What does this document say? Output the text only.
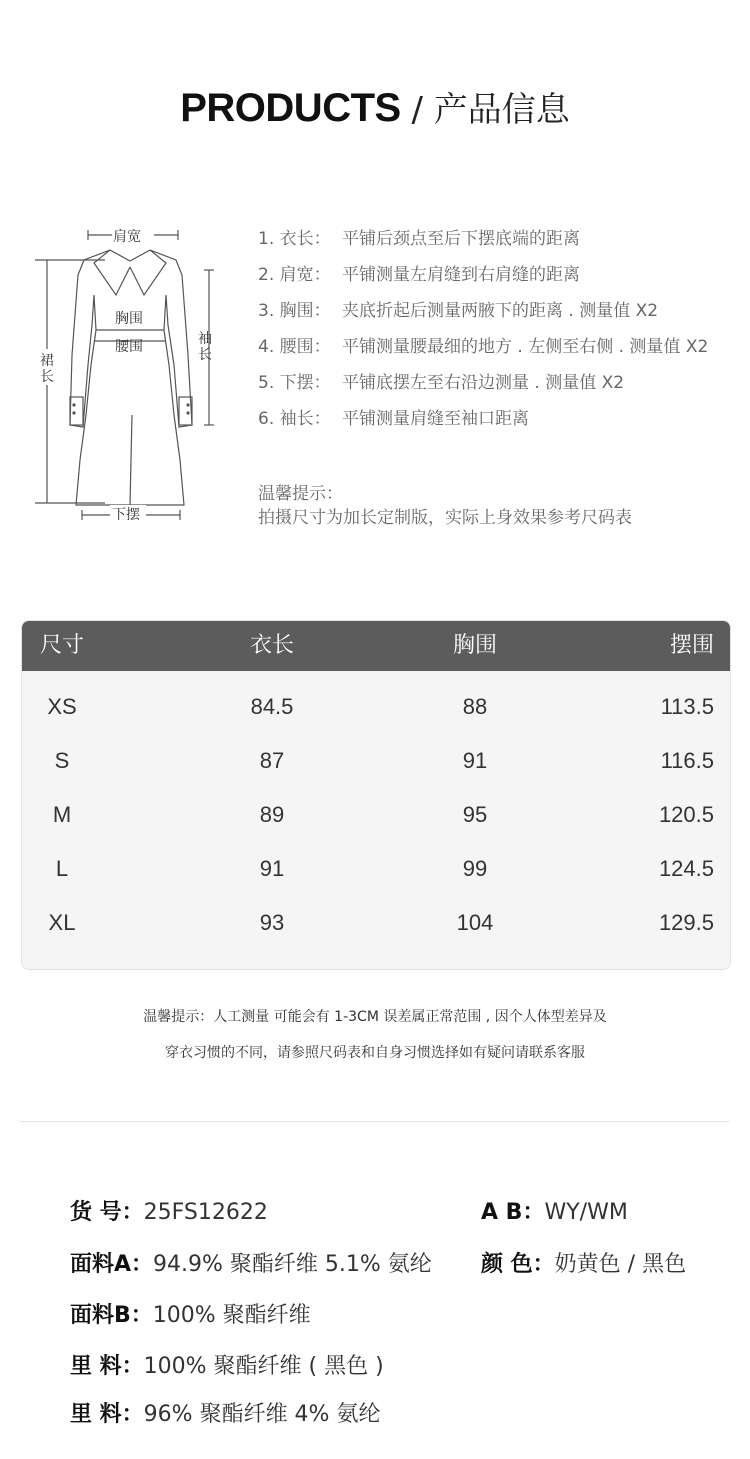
PRODUCTS / 产品信息
肩宽
胸围
腰围	袖
长
裙
长
下摆
1. 衣长： 平铺后颈点至后下摆底端的距离
2. 肩宽： 平铺测量左肩缝到右肩缝的距离
3. 胸围： 夹底折起后测量两腋下的距离 . 测量值 X2
4. 腰围： 平铺测量腰最细的地方 . 左侧至右侧 . 测量值 X2
5. 下摆： 平铺底摆左至右沿边测量 . 测量值 X2
6. 袖长： 平铺测量肩缝至袖口距离
温馨提示：
拍摄尺寸为加长定制版，实际上身效果参考尺码表
尺寸	衣长	胸围	摆围
XS	84.5	88	113.5
S	87	91	116.5
M	89	95	120.5
L	91	99	124.5
XL	93	104	129.5
温馨提示：人工测量 可能会有 1-3CM 误差属正常范围 , 因个人体型差异及
穿衣习惯的不同，请参照尺码表和自身习惯选择如有疑问请联系客服
货 号：25FS12622	A B：WY/WM
面料A：94.9% 聚酯纤维 5.1% 氨纶 颜 色：奶黄色 / 黑色
面料B：100% 聚酯纤维
里 料：100% 聚酯纤维 ( 黑色 )
里 料：96% 聚酯纤维 4% 氨纶
